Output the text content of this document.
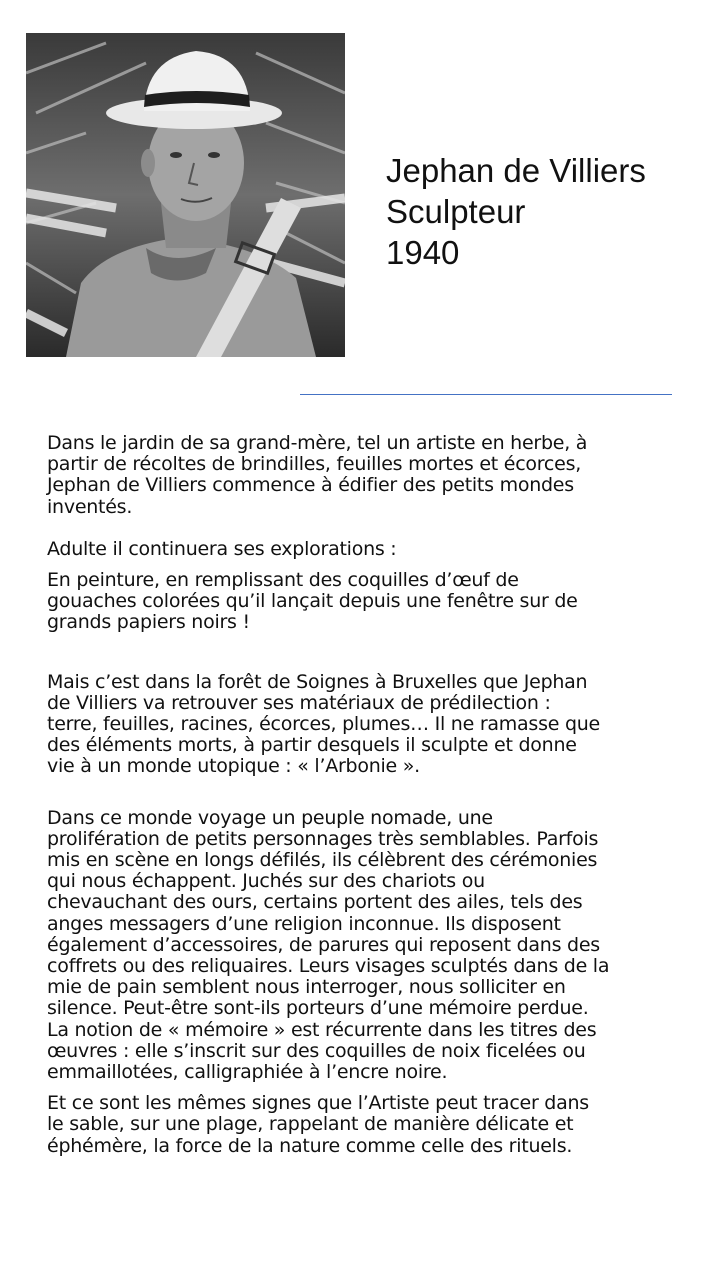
Jephan de Villiers
Sculpteur
1940

Dans le jardin de sa grand-mère, tel un artiste en herbe, à
partir de récoltes de brindilles, feuilles mortes et écorces,
Jephan de Villiers commence à édifier des petits mondes
inventés.

Adulte il continuera ses explorations :

En peinture, en remplissant des coquilles d’œuf de
gouaches colorées qu’il lançait depuis une fenêtre sur de
grands papiers noirs !

Mais c’est dans la forêt de Soignes à Bruxelles que Jephan
de Villiers va retrouver ses matériaux de prédilection :
terre, feuilles, racines, écorces, plumes… Il ne ramasse que
des éléments morts, à partir desquels il sculpte et donne
vie à un monde utopique : « l’Arbonie ».

Dans ce monde voyage un peuple nomade, une
prolifération de petits personnages très semblables. Parfois
mis en scène en longs défilés, ils célèbrent des cérémonies
qui nous échappent. Juchés sur des chariots ou
chevauchant des ours, certains portent des ailes, tels des
anges messagers d’une religion inconnue. Ils disposent
également d’accessoires, de parures qui reposent dans des
coffrets ou des reliquaires. Leurs visages sculptés dans de la
mie de pain semblent nous interroger, nous solliciter en
silence. Peut-être sont-ils porteurs d’une mémoire perdue.
La notion de « mémoire » est récurrente dans les titres des
œuvres : elle s’inscrit sur des coquilles de noix ficelées ou
emmaillotées, calligraphiée à l’encre noire.

Et ce sont les mêmes signes que l’Artiste peut tracer dans
le sable, sur une plage, rappelant de manière délicate et
éphémère, la force de la nature comme celle des rituels.
